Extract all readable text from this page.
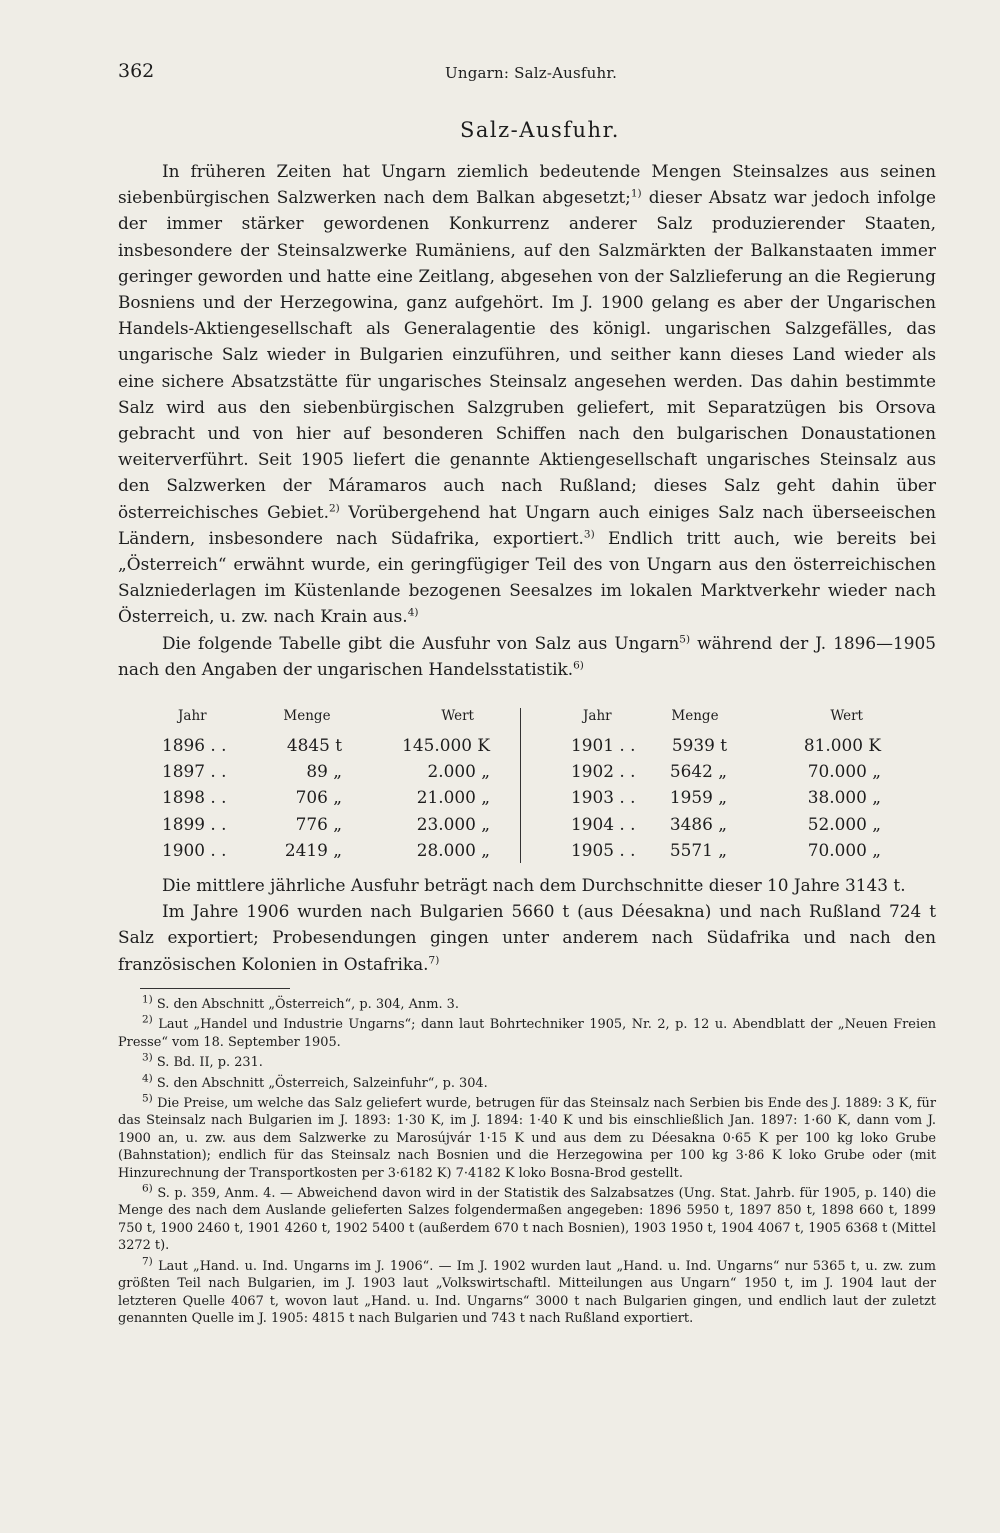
362	Ungarn: Salz-Ausfuhr.
Salz-Ausfuhr.

In früheren Zeiten hat Ungarn ziemlich bedeutende Mengen Steinsalzes aus seinen siebenbürgischen Salzwerken nach dem Balkan abgesetzt;$^{1)}$ dieser Absatz war jedoch infolge der immer stärker gewordenen Konkurrenz anderer Salz produzierender Staaten, insbesondere der Steinsalzwerke Rumäniens, auf den Salzmärkten der Balkanstaaten immer geringer geworden und hatte eine Zeitlang, abgesehen von der Salzlieferung an die Regierung Bosniens und der Herzegowina, ganz aufgehört. Im J. 1900 gelang es aber der Ungarischen Handels-Aktiengesellschaft als Generalagentie des königl. ungarischen Salzgefälles, das ungarische Salz wieder in Bulgarien einzuführen, und seither kann dieses Land wieder als eine sichere Absatzstätte für ungarisches Steinsalz angesehen werden. Das dahin bestimmte Salz wird aus den siebenbürgischen Salzgruben geliefert, mit Separatzügen bis Orsova gebracht und von hier auf besonderen Schiffen nach den bulgarischen Donaustationen weiterverführt. Seit 1905 liefert die genannte Aktiengesellschaft ungarisches Steinsalz aus den Salzwerken der Máramaros auch nach Rußland; dieses Salz geht dahin über österreichisches Gebiet.$^{2)}$ Vorübergehend hat Ungarn auch einiges Salz nach überseeischen Ländern, insbesondere nach Südafrika, exportiert.$^{3)}$ Endlich tritt auch, wie bereits bei „Österreich“ erwähnt wurde, ein geringfügiger Teil des von Ungarn aus den österreichischen Salzniederlagen im Küstenlande bezogenen Seesalzes im lokalen Marktverkehr wieder nach Österreich, u. zw. nach Krain aus.$^{4)}$

Die folgende Tabelle gibt die Ausfuhr von Salz aus Ungarn$^{5)}$ während der J. 1896—1905 nach den Angaben der ungarischen Handelsstatistik.$^{6)}$

Jahr	Menge	Wert
1896 . .	4845 t	145.000 K
1897 . .	89 „	2.000 „
1898 . .	706 „	21.000 „
1899 . .	776 „	23.000 „
1900 . .	2419 „	28.000 „
Jahr	Menge	Wert
1901 . .	5939 t	81.000 K
1902 . .	5642 „	70.000 „
1903 . .	1959 „	38.000 „
1904 . .	3486 „	52.000 „
1905 . .	5571 „	70.000 „

Die mittlere jährliche Ausfuhr beträgt nach dem Durchschnitte dieser 10 Jahre 3143 t.

Im Jahre 1906 wurden nach Bulgarien 5660 t (aus Déesakna) und nach Rußland 724 t Salz exportiert; Probesendungen gingen unter anderem nach Südafrika und nach den französischen Kolonien in Ostafrika.$^{7)}$

$^{1)}$ S. den Abschnitt „Österreich“, p. 304, Anm. 3.

$^{2)}$ Laut „Handel und Industrie Ungarns“; dann laut Bohrtechniker 1905, Nr. 2, p. 12 u. Abendblatt der „Neuen Freien Presse“ vom 18. September 1905.

$^{3)}$ S. Bd. II, p. 231.

$^{4)}$ S. den Abschnitt „Österreich, Salzeinfuhr“, p. 304.

$^{5)}$ Die Preise, um welche das Salz geliefert wurde, betrugen für das Steinsalz nach Serbien bis Ende des J. 1889: 3 K, für das Steinsalz nach Bulgarien im J. 1893: 1·30 K, im J. 1894: 1·40 K und bis einschließlich Jan. 1897: 1·60 K, dann vom J. 1900 an, u. zw. aus dem Salzwerke zu Marosújvár 1·15 K und aus dem zu Déesakna 0·65 K per 100 kg loko Grube (Bahnstation); endlich für das Steinsalz nach Bosnien und die Herzegowina per 100 kg 3·86 K loko Grube oder (mit Hinzurechnung der Transportkosten per 3·6182 K) 7·4182 K loko Bosna-Brod gestellt.

$^{6)}$ S. p. 359, Anm. 4. — Abweichend davon wird in der Statistik des Salzabsatzes (Ung. Stat. Jahrb. für 1905, p. 140) die Menge des nach dem Auslande gelieferten Salzes folgendermaßen angegeben: 1896 5950 t, 1897 850 t, 1898 660 t, 1899 750 t, 1900 2460 t, 1901 4260 t, 1902 5400 t (außerdem 670 t nach Bosnien), 1903 1950 t, 1904 4067 t, 1905 6368 t (Mittel 3272 t).

$^{7)}$ Laut „Hand. u. Ind. Ungarns im J. 1906“. — Im J. 1902 wurden laut „Hand. u. Ind. Ungarns“ nur 5365 t, u. zw. zum größten Teil nach Bulgarien, im J. 1903 laut „Volkswirtschaftl. Mitteilungen aus Ungarn“ 1950 t, im J. 1904 laut der letzteren Quelle 4067 t, wovon laut „Hand. u. Ind. Ungarns“ 3000 t nach Bulgarien gingen, und endlich laut der zuletzt genannten Quelle im J. 1905: 4815 t nach Bulgarien und 743 t nach Rußland exportiert.
